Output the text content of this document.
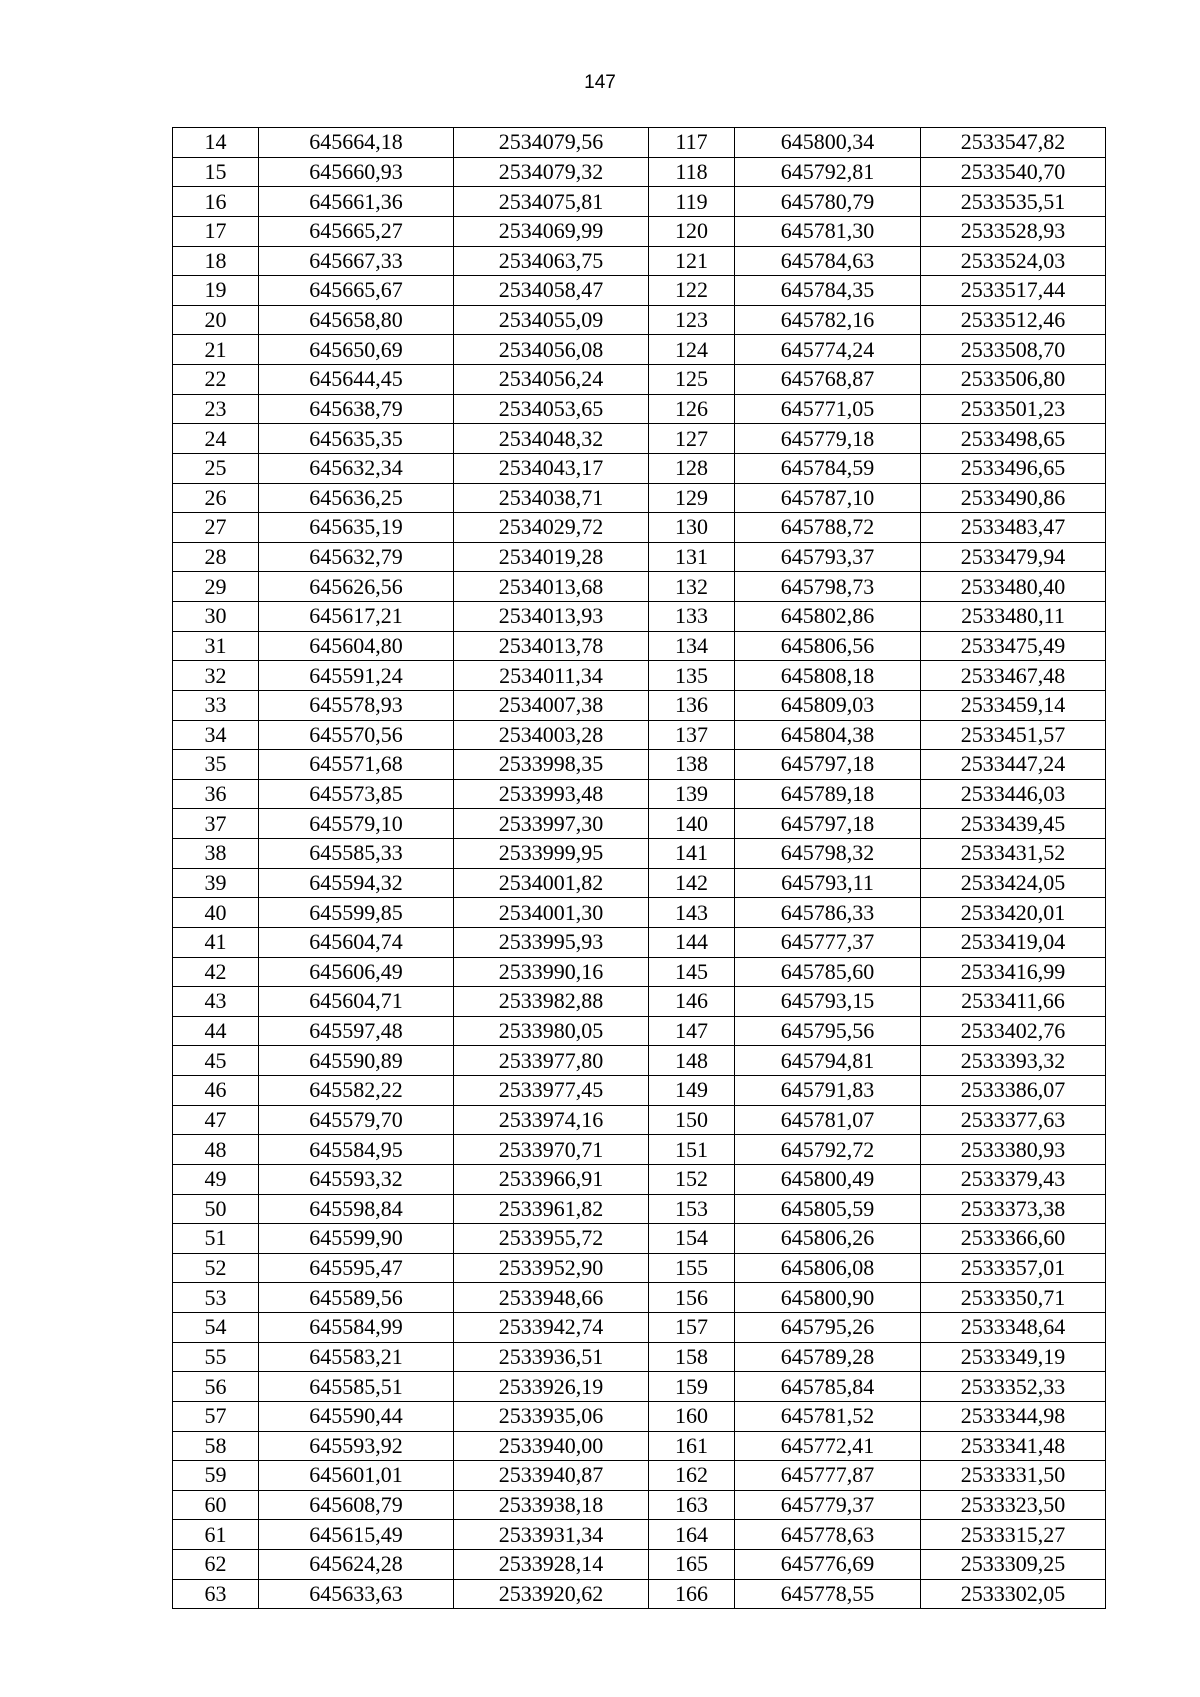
147
14	645664,18	2534079,56	117	645800,34	2533547,82
15	645660,93	2534079,32	118	645792,81	2533540,70
16	645661,36	2534075,81	119	645780,79	2533535,51
17	645665,27	2534069,99	120	645781,30	2533528,93
18	645667,33	2534063,75	121	645784,63	2533524,03
19	645665,67	2534058,47	122	645784,35	2533517,44
20	645658,80	2534055,09	123	645782,16	2533512,46
21	645650,69	2534056,08	124	645774,24	2533508,70
22	645644,45	2534056,24	125	645768,87	2533506,80
23	645638,79	2534053,65	126	645771,05	2533501,23
24	645635,35	2534048,32	127	645779,18	2533498,65
25	645632,34	2534043,17	128	645784,59	2533496,65
26	645636,25	2534038,71	129	645787,10	2533490,86
27	645635,19	2534029,72	130	645788,72	2533483,47
28	645632,79	2534019,28	131	645793,37	2533479,94
29	645626,56	2534013,68	132	645798,73	2533480,40
30	645617,21	2534013,93	133	645802,86	2533480,11
31	645604,80	2534013,78	134	645806,56	2533475,49
32	645591,24	2534011,34	135	645808,18	2533467,48
33	645578,93	2534007,38	136	645809,03	2533459,14
34	645570,56	2534003,28	137	645804,38	2533451,57
35	645571,68	2533998,35	138	645797,18	2533447,24
36	645573,85	2533993,48	139	645789,18	2533446,03
37	645579,10	2533997,30	140	645797,18	2533439,45
38	645585,33	2533999,95	141	645798,32	2533431,52
39	645594,32	2534001,82	142	645793,11	2533424,05
40	645599,85	2534001,30	143	645786,33	2533420,01
41	645604,74	2533995,93	144	645777,37	2533419,04
42	645606,49	2533990,16	145	645785,60	2533416,99
43	645604,71	2533982,88	146	645793,15	2533411,66
44	645597,48	2533980,05	147	645795,56	2533402,76
45	645590,89	2533977,80	148	645794,81	2533393,32
46	645582,22	2533977,45	149	645791,83	2533386,07
47	645579,70	2533974,16	150	645781,07	2533377,63
48	645584,95	2533970,71	151	645792,72	2533380,93
49	645593,32	2533966,91	152	645800,49	2533379,43
50	645598,84	2533961,82	153	645805,59	2533373,38
51	645599,90	2533955,72	154	645806,26	2533366,60
52	645595,47	2533952,90	155	645806,08	2533357,01
53	645589,56	2533948,66	156	645800,90	2533350,71
54	645584,99	2533942,74	157	645795,26	2533348,64
55	645583,21	2533936,51	158	645789,28	2533349,19
56	645585,51	2533926,19	159	645785,84	2533352,33
57	645590,44	2533935,06	160	645781,52	2533344,98
58	645593,92	2533940,00	161	645772,41	2533341,48
59	645601,01	2533940,87	162	645777,87	2533331,50
60	645608,79	2533938,18	163	645779,37	2533323,50
61	645615,49	2533931,34	164	645778,63	2533315,27
62	645624,28	2533928,14	165	645776,69	2533309,25
63	645633,63	2533920,62	166	645778,55	2533302,05
